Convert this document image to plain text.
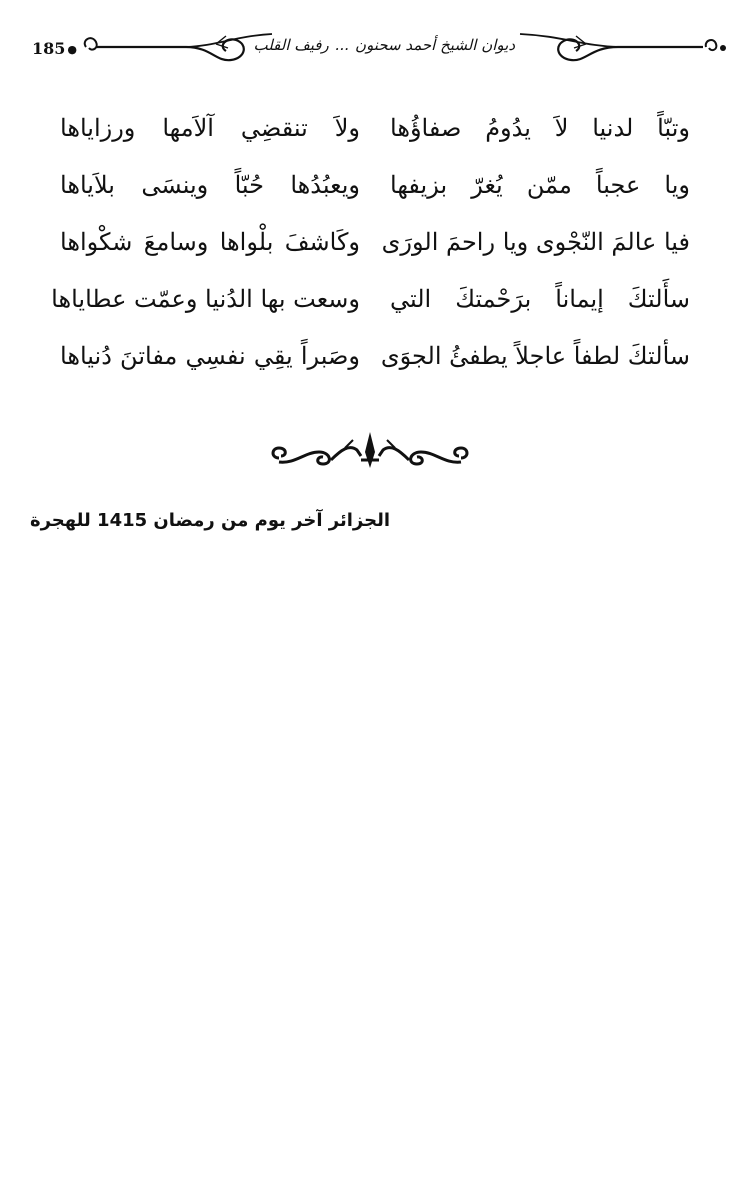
185 ●	ديوان الشيخ أحمد سحنون...رفيف القلب
وتبّاً لدنيا لاَ يدُومُ صفاؤُها
ولاَ تنقضِي آلاَمها ورزاياها
ويا عجباً ممّن يُغرّ بزيفها
ويعبُدُها حُبّاً وينسَى بلاَياها
فيا عالمَ النّجْوى ويا راحمَ الورَى
وكَاشفَ بلْواها وسامعَ شكْواها
سأَلتكَ إيماناً برَحْمتكَ التي
وسعت بها الدُنيا وعمّت عطاياها
سألتكَ لطفاً عاجلاً يطفئُ الجوَى
وصَبراً يقِي نفسِي مفاتنَ دُنياها
الجزائر آخر يوم من رمضان 1415 للهجرة
